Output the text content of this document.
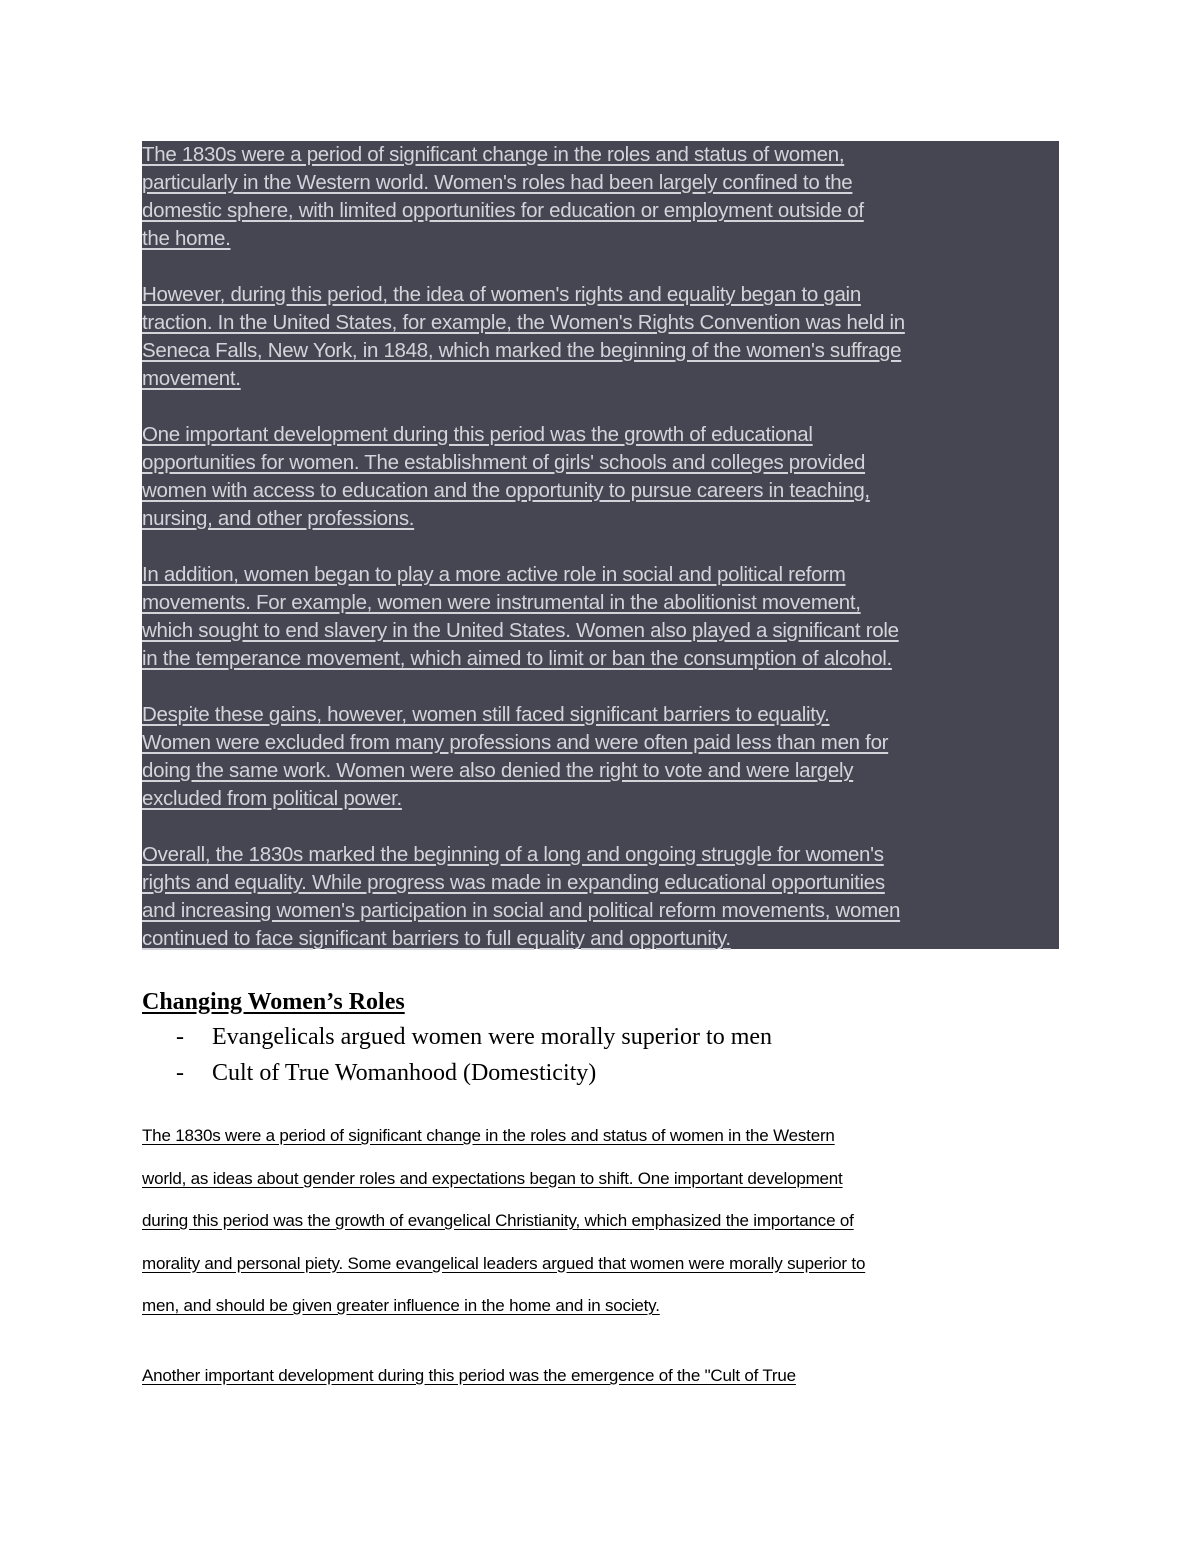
The 1830s were a period of significant change in the roles and status of women,
particularly in the Western world. Women's roles had been largely confined to the
domestic sphere, with limited opportunities for education or employment outside of
the home.

However, during this period, the idea of women's rights and equality began to gain
traction. In the United States, for example, the Women's Rights Convention was held in
Seneca Falls, New York, in 1848, which marked the beginning of the women's suffrage
movement.

One important development during this period was the growth of educational
opportunities for women. The establishment of girls' schools and colleges provided
women with access to education and the opportunity to pursue careers in teaching,
nursing, and other professions.

In addition, women began to play a more active role in social and political reform
movements. For example, women were instrumental in the abolitionist movement,
which sought to end slavery in the United States. Women also played a significant role
in the temperance movement, which aimed to limit or ban the consumption of alcohol.

Despite these gains, however, women still faced significant barriers to equality.
Women were excluded from many professions and were often paid less than men for
doing the same work. Women were also denied the right to vote and were largely
excluded from political power.

Overall, the 1830s marked the beginning of a long and ongoing struggle for women's
rights and equality. While progress was made in expanding educational opportunities
and increasing women's participation in social and political reform movements, women
continued to face significant barriers to full equality and opportunity.

Changing Women’s Roles
-	Evangelicals argued women were morally superior to men
-	Cult of True Womanhood (Domesticity)

The 1830s were a period of significant change in the roles and status of women in the Western
world, as ideas about gender roles and expectations began to shift. One important development
during this period was the growth of evangelical Christianity, which emphasized the importance of
morality and personal piety. Some evangelical leaders argued that women were morally superior to
men, and should be given greater influence in the home and in society.

Another important development during this period was the emergence of the "Cult of True
